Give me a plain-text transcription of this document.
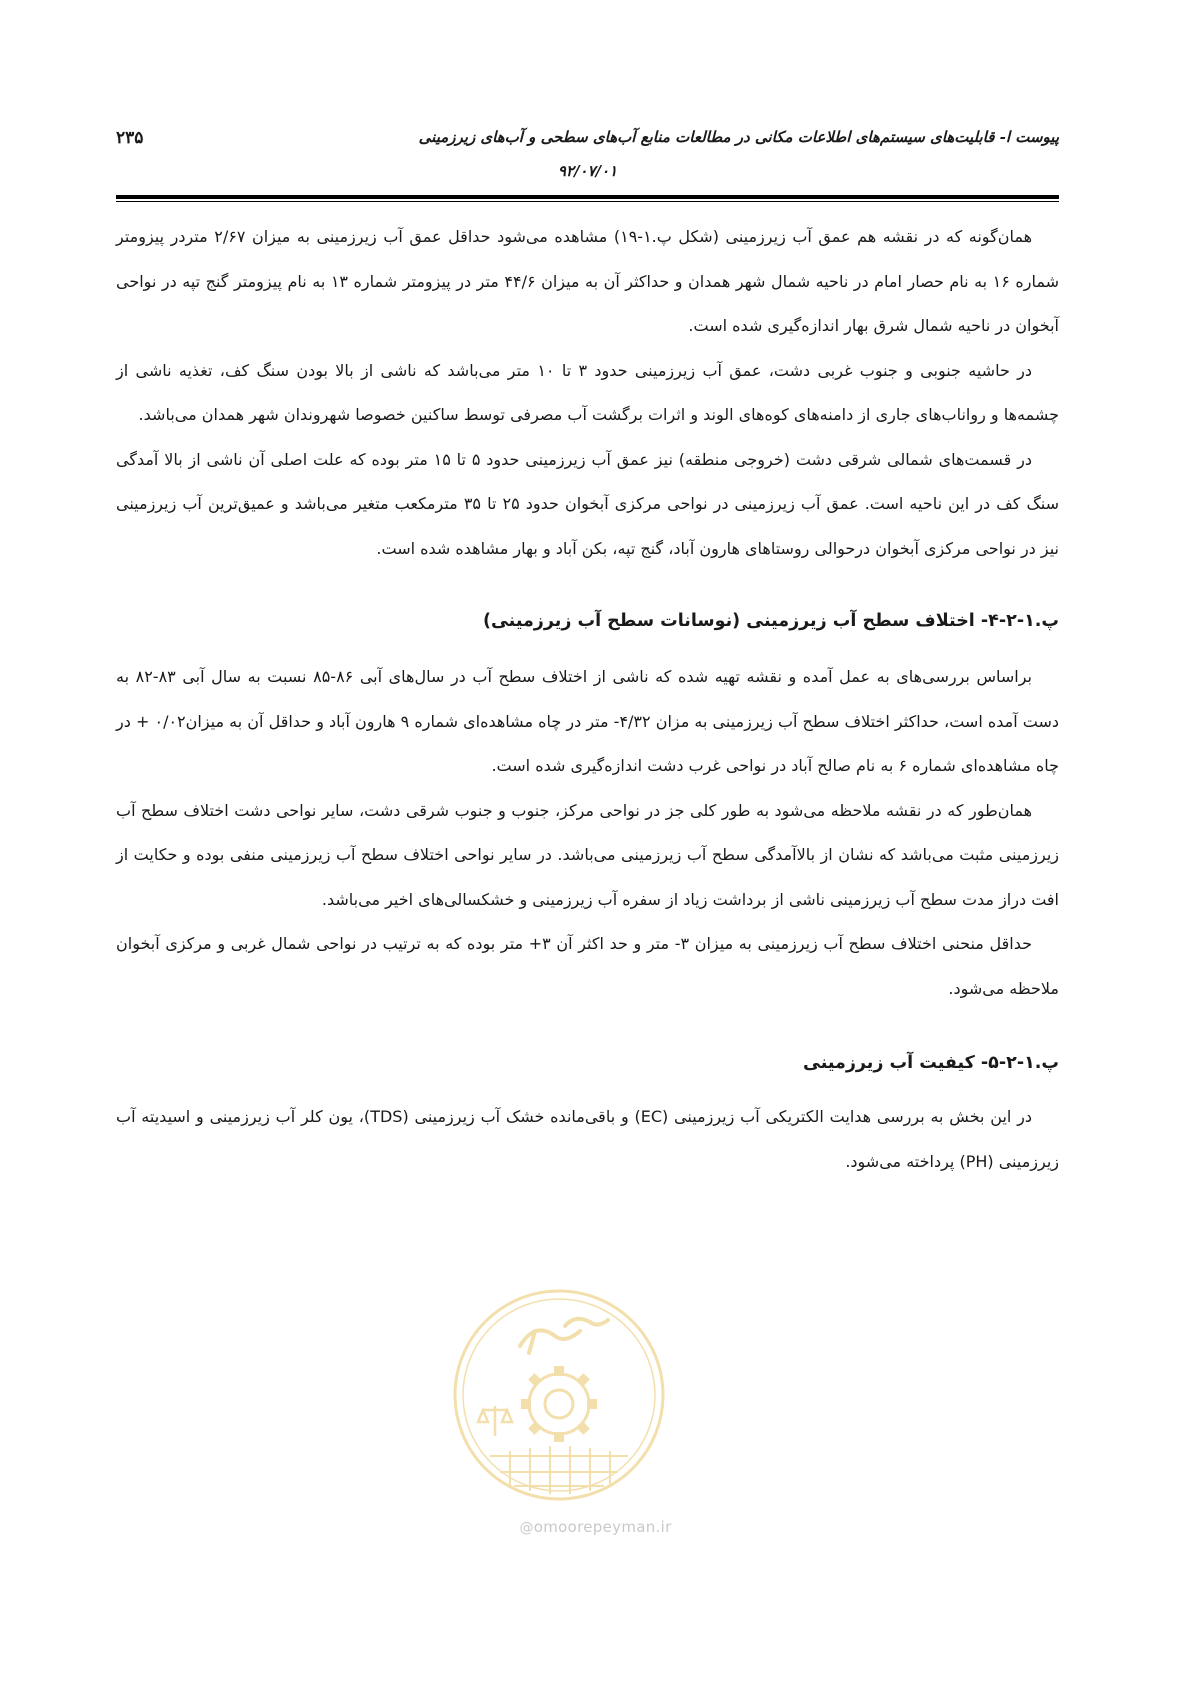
پیوست ا- قابلیت‌های سیستم‌های اطلاعات مکانی در مطالعات منابع آب‌های سطحی و آب‌های زیرزمینی
۲۳۵
۹۲/۰۷/۰۱

همان‌گونه که در نقشه هم عمق آب زیرزمینی (شکل پ.۱-۱۹) مشاهده می‌شود حداقل عمق آب زیرزمینی به میزان ۲/۶۷ متردر پیزومتر شماره ۱۶ به نام حصار امام در ناحیه شمال شهر همدان و حداکثر آن به میزان ۴۴/۶ متر در پیزومتر شماره ۱۳ به نام پیزومتر گنج تپه در نواحی آبخوان در ناحیه شمال شرق بهار اندازه‌گیری شده است.

در حاشیه جنوبی و جنوب غربی دشت، عمق آب زیرزمینی حدود ۳ تا ۱۰ متر می‌باشد که ناشی از بالا بودن سنگ کف، تغذیه ناشی از چشمه‌ها و رواناب‌های جاری از دامنه‌های کوه‌های الوند و اثرات برگشت آب مصرفی توسط ساکنین خصوصا شهروندان شهر همدان می‌باشد.

در قسمت‌های شمالی شرقی دشت (خروجی منطقه) نیز عمق آب زیرزمینی حدود ۵ تا ۱۵ متر بوده که علت اصلی آن ناشی از بالا آمدگی سنگ کف در این ناحیه است. عمق آب زیرزمینی در نواحی مرکزی آبخوان حدود ۲۵ تا ۳۵ مترمکعب متغیر می‌باشد و عمیق‌ترین آب زیرزمینی نیز در نواحی مرکزی آبخوان درحوالی روستاهای هارون آباد، گنج تپه، بکن آباد و بهار مشاهده شده است.

پ.۱-۲-۴- اختلاف سطح آب زیرزمینی (نوسانات سطح آب زیرزمینی)

براساس بررسی‌های به عمل آمده و نقشه تهیه شده که ناشی از اختلاف سطح آب در سال‌های آبی ۸۶-۸۵ نسبت به سال آبی ۸۳-۸۲ به دست آمده است، حداکثر اختلاف سطح آب زیرزمینی به مزان ۴/۳۲- متر در چاه مشاهده‌ای شماره ۹ هارون آباد و حداقل آن به میزان۰/۰۲ + در چاه مشاهده‌ای شماره ۶ به نام صالح آباد در نواحی غرب دشت اندازه‌گیری شده است.

همان‌طور که در نقشه ملاحظه می‌شود به طور کلی جز در نواحی مرکز، جنوب و جنوب شرقی دشت، سایر نواحی دشت اختلاف سطح آب زیرزمینی مثبت می‌باشد که نشان از بالاآمدگی سطح آب زیرزمینی می‌باشد. در سایر نواحی اختلاف سطح آب زیرزمینی منفی بوده و حکایت از افت دراز مدت سطح آب زیرزمینی ناشی از برداشت زیاد از سفره آب زیرزمینی و خشکسالی‌های اخیر می‌باشد.

حداقل منحنی اختلاف سطح آب زیرزمینی به میزان ۳- متر و حد اکثر آن ۳+ متر بوده که به ترتیب در نواحی شمال غربی و مرکزی آبخوان ملاحظه می‌شود.

پ.۱-۲-۵- کیفیت آب زیرزمینی

در این بخش به بررسی هدایت الکتریکی آب زیرزمینی (EC) و باقی‌مانده خشک آب زیرزمینی (TDS)، یون کلر آب زیرزمینی و اسیدیته آب زیرزمینی (PH) پرداخته می‌شود.

@omoorepeyman.ir
